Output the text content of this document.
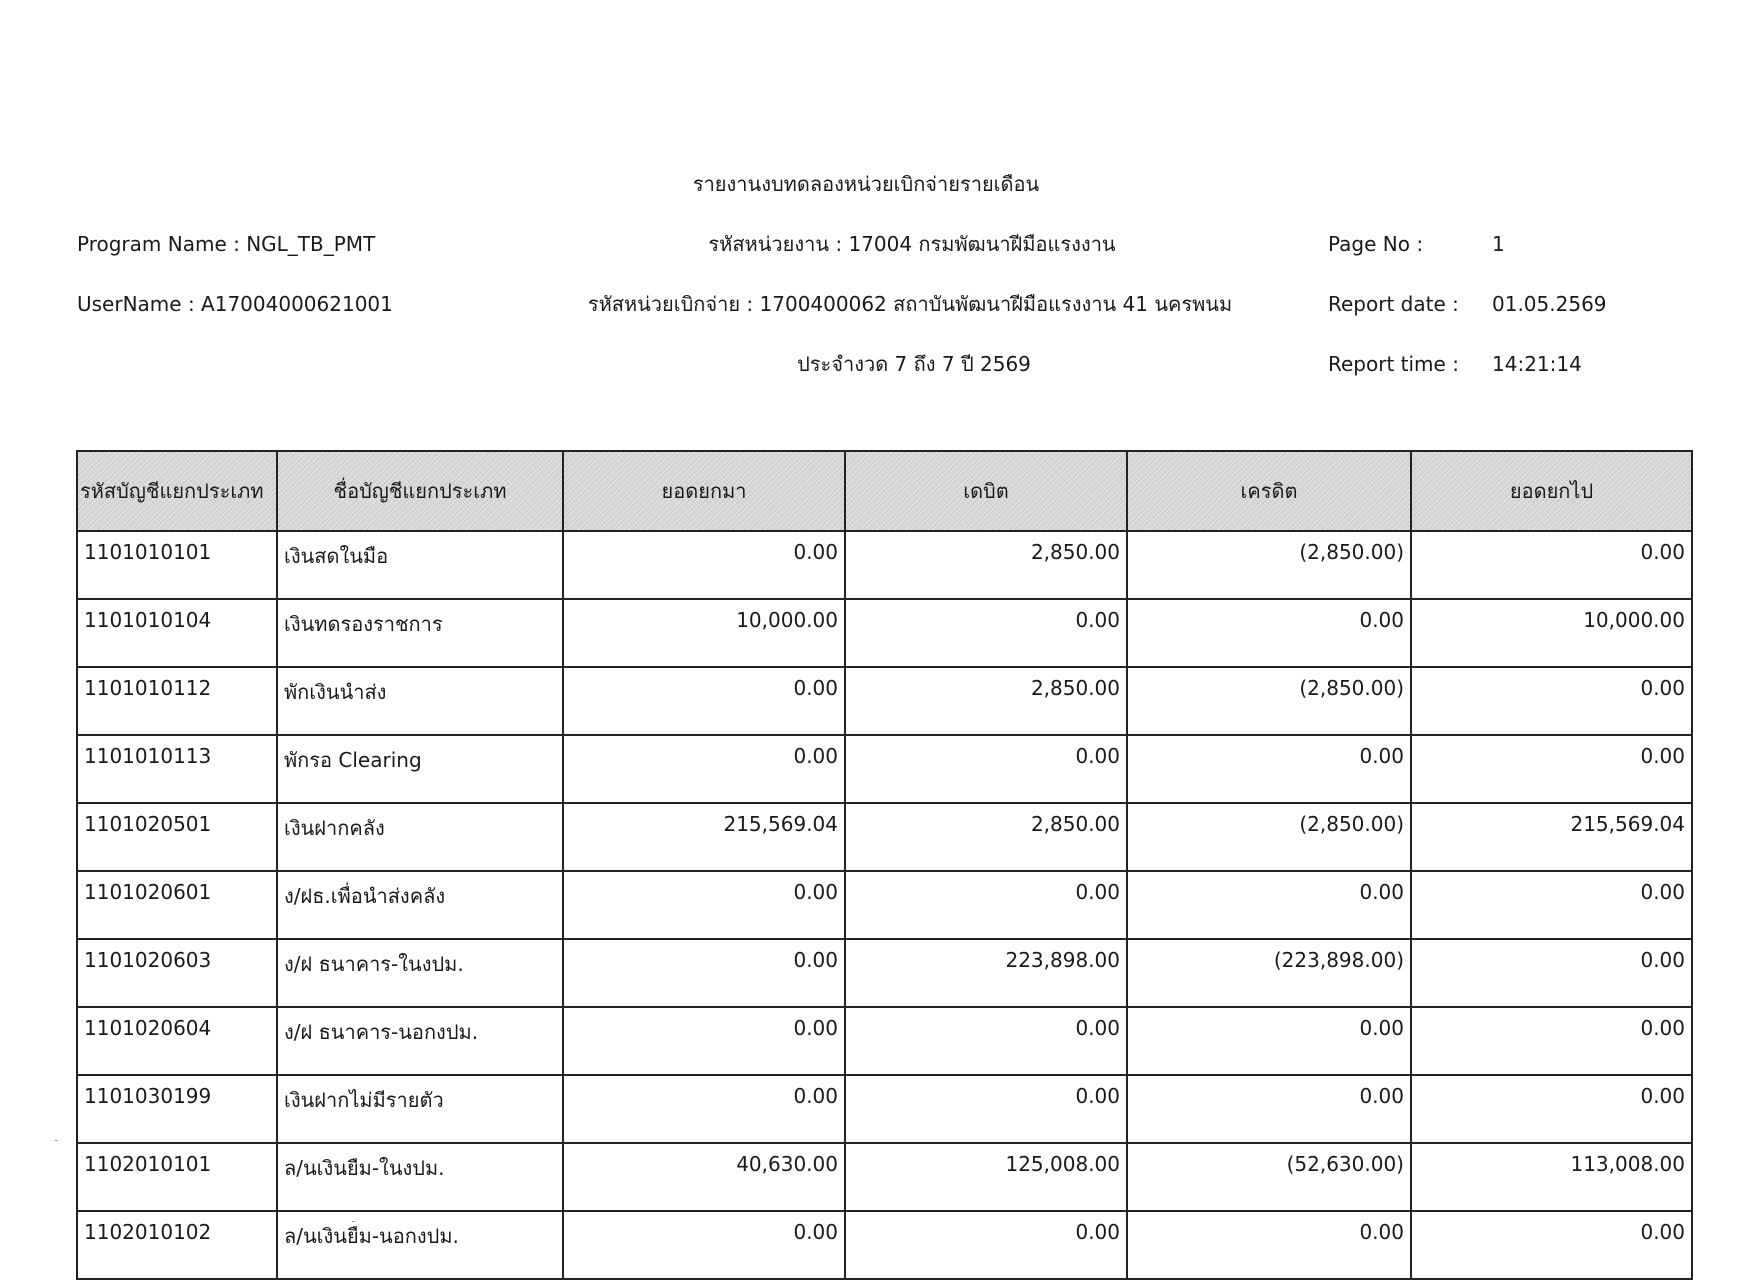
รายงานงบทดลองหน่วยเบิกจ่ายรายเดือน
Program Name : NGL_TB_PMT	รหัสหน่วยงาน : 17004 กรมพัฒนาฝีมือแรงงาน	Page No :	1
UserName : A17004000621001	รหัสหน่วยเบิกจ่าย : 1700400062 สถาบันพัฒนาฝีมือแรงงาน 41 นครพนม	Report date : 01.05.2569
ประจำงวด 7 ถึง 7 ปี 2569	Report time : 14:21:14
รหัสบัญชีแยกประเภท	ชื่อบัญชีแยกประเภท	ยอดยกมา	เดบิต	เครดิต	ยอดยกไป
1101010101	เงินสดในมือ	0.00	2,850.00	(2,850.00)	0.00
1101010104	เงินทดรองราชการ	10,000.00	0.00	0.00	10,000.00
1101010112	พักเงินนำส่ง	0.00	2,850.00	(2,850.00)	0.00
1101010113	พักรอ Clearing	0.00	0.00	0.00	0.00
1101020501	เงินฝากคลัง	215,569.04	2,850.00	(2,850.00)	215,569.04
1101020601	ง/ฝธ.เพื่อนำส่งคลัง	0.00	0.00	0.00	0.00
1101020603	ง/ฝ ธนาคาร-ในงปม.	0.00	223,898.00	(223,898.00)	0.00
1101020604	ง/ฝ ธนาคาร-นอกงปม.	0.00	0.00	0.00	0.00
1101030199	เงินฝากไม่มีรายตัว	0.00	0.00	0.00	0.00
1102010101	ล/นเงินยืม-ในงปม.	40,630.00	125,008.00	(52,630.00)	113,008.00
1102010102	ล/นเงินยืม-นอกงปม.	0.00	0.00	0.00	0.00
